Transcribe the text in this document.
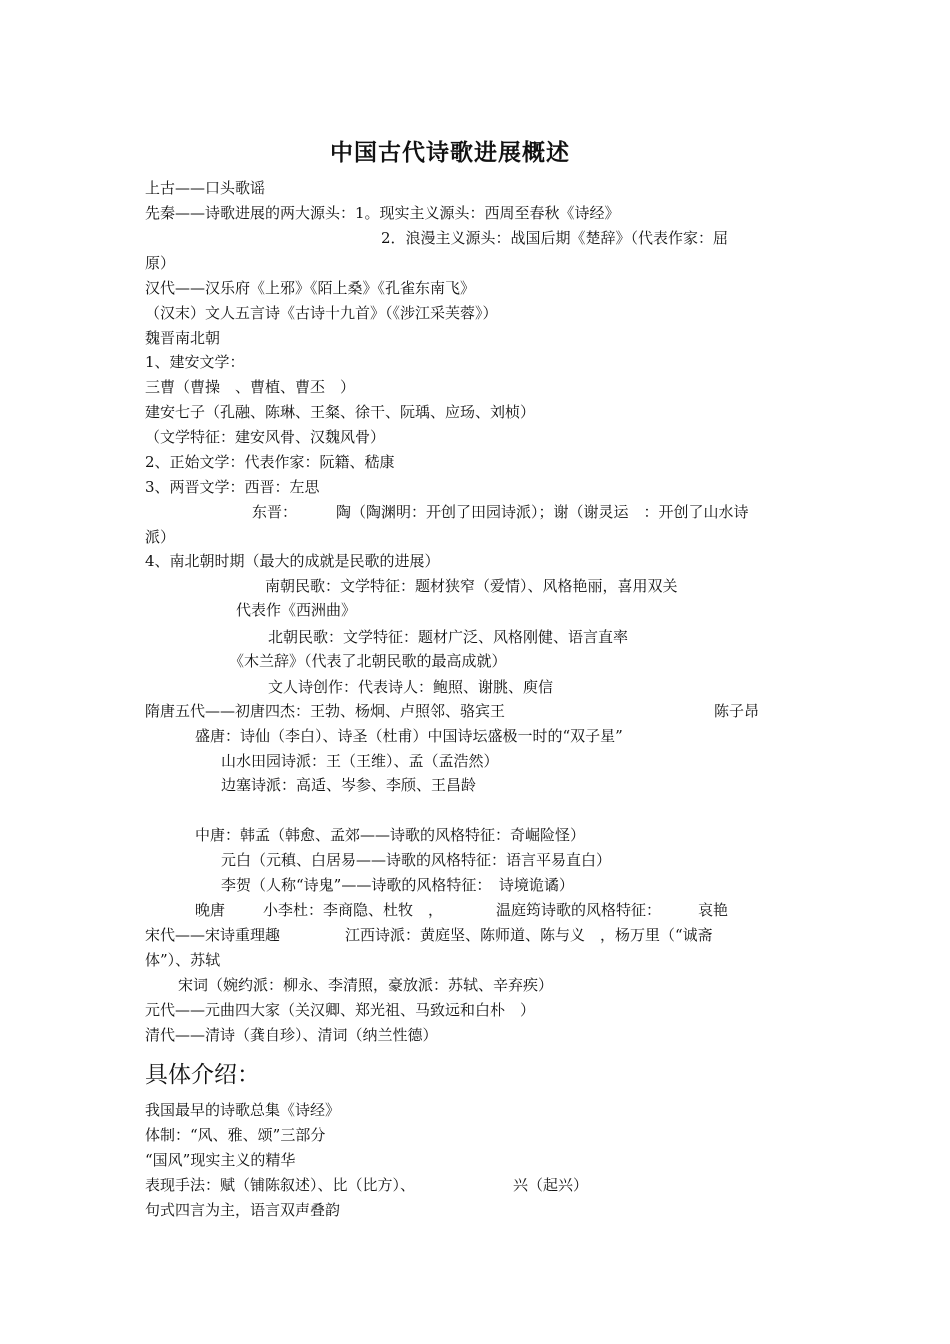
中国古代诗歌进展概述
上古——口头歌谣
先秦——诗歌进展的两大源头：1。现实主义源头：西周至春秋《诗经》
2．浪漫主义源头：战国后期《楚辞》（代表作家：屈
原）
汉代——汉乐府《上邪》《陌上桑》《孔雀东南飞》
（汉末）文人五言诗《古诗十九首》（《涉江采芙蓉》）
魏晋南北朝
1、建安文学：
三曹（曹操　、曹植、曹丕　）
建安七子（孔融、陈琳、王粲、徐干、阮瑀、应玚、刘桢）
（文学特征：建安风骨、汉魏风骨）
2、正始文学：代表作家：阮籍、嵇康
3、两晋文学：西晋：左思
东晋：	陶（陶渊明：开创了田园诗派）；谢（谢灵运　：开创了山水诗
派）
4、南北朝时期（最大的成就是民歌的进展）
南朝民歌：文学特征：题材狭窄（爱情）、风格艳丽，喜用双关
代表作《西洲曲》
北朝民歌：文学特征：题材广泛、风格刚健、语言直率
《木兰辞》（代表了北朝民歌的最高成就）
文人诗创作：代表诗人：鲍照、谢朓、庾信
隋唐五代——初唐四杰：王勃、杨炯、卢照邻、骆宾王	陈子昂
盛唐：诗仙（李白）、诗圣（杜甫）中国诗坛盛极一时的“双子星”
山水田园诗派：王（王维）、孟（孟浩然）
边塞诗派：高适、岑参、李颀、王昌龄
中唐：韩孟（韩愈、孟郊——诗歌的风格特征：奇崛险怪）
元白（元稹、白居易——诗歌的风格特征：语言平易直白）
李贺（人称“诗鬼”——诗歌的风格特征：　诗境诡谲）
晚唐	小李杜：李商隐、杜牧　，	温庭筠诗歌的风格特征： 哀艳
宋代——宋诗重理趣	江西诗派：黄庭坚、陈师道、陈与义　，杨万里（“诚斋
体”）、苏轼
宋词（婉约派：柳永、李清照，豪放派：苏轼、辛弃疾）
元代——元曲四大家（关汉卿、郑光祖、马致远和白朴　）
清代——清诗（龚自珍）、清词（纳兰性德）
具体介绍：
我国最早的诗歌总集《诗经》
体制：“风、雅、颂”三部分
“国风”现实主义的精华
表现手法：赋（铺陈叙述）、比（比方）、	兴（起兴）
句式四言为主，语言双声叠韵
